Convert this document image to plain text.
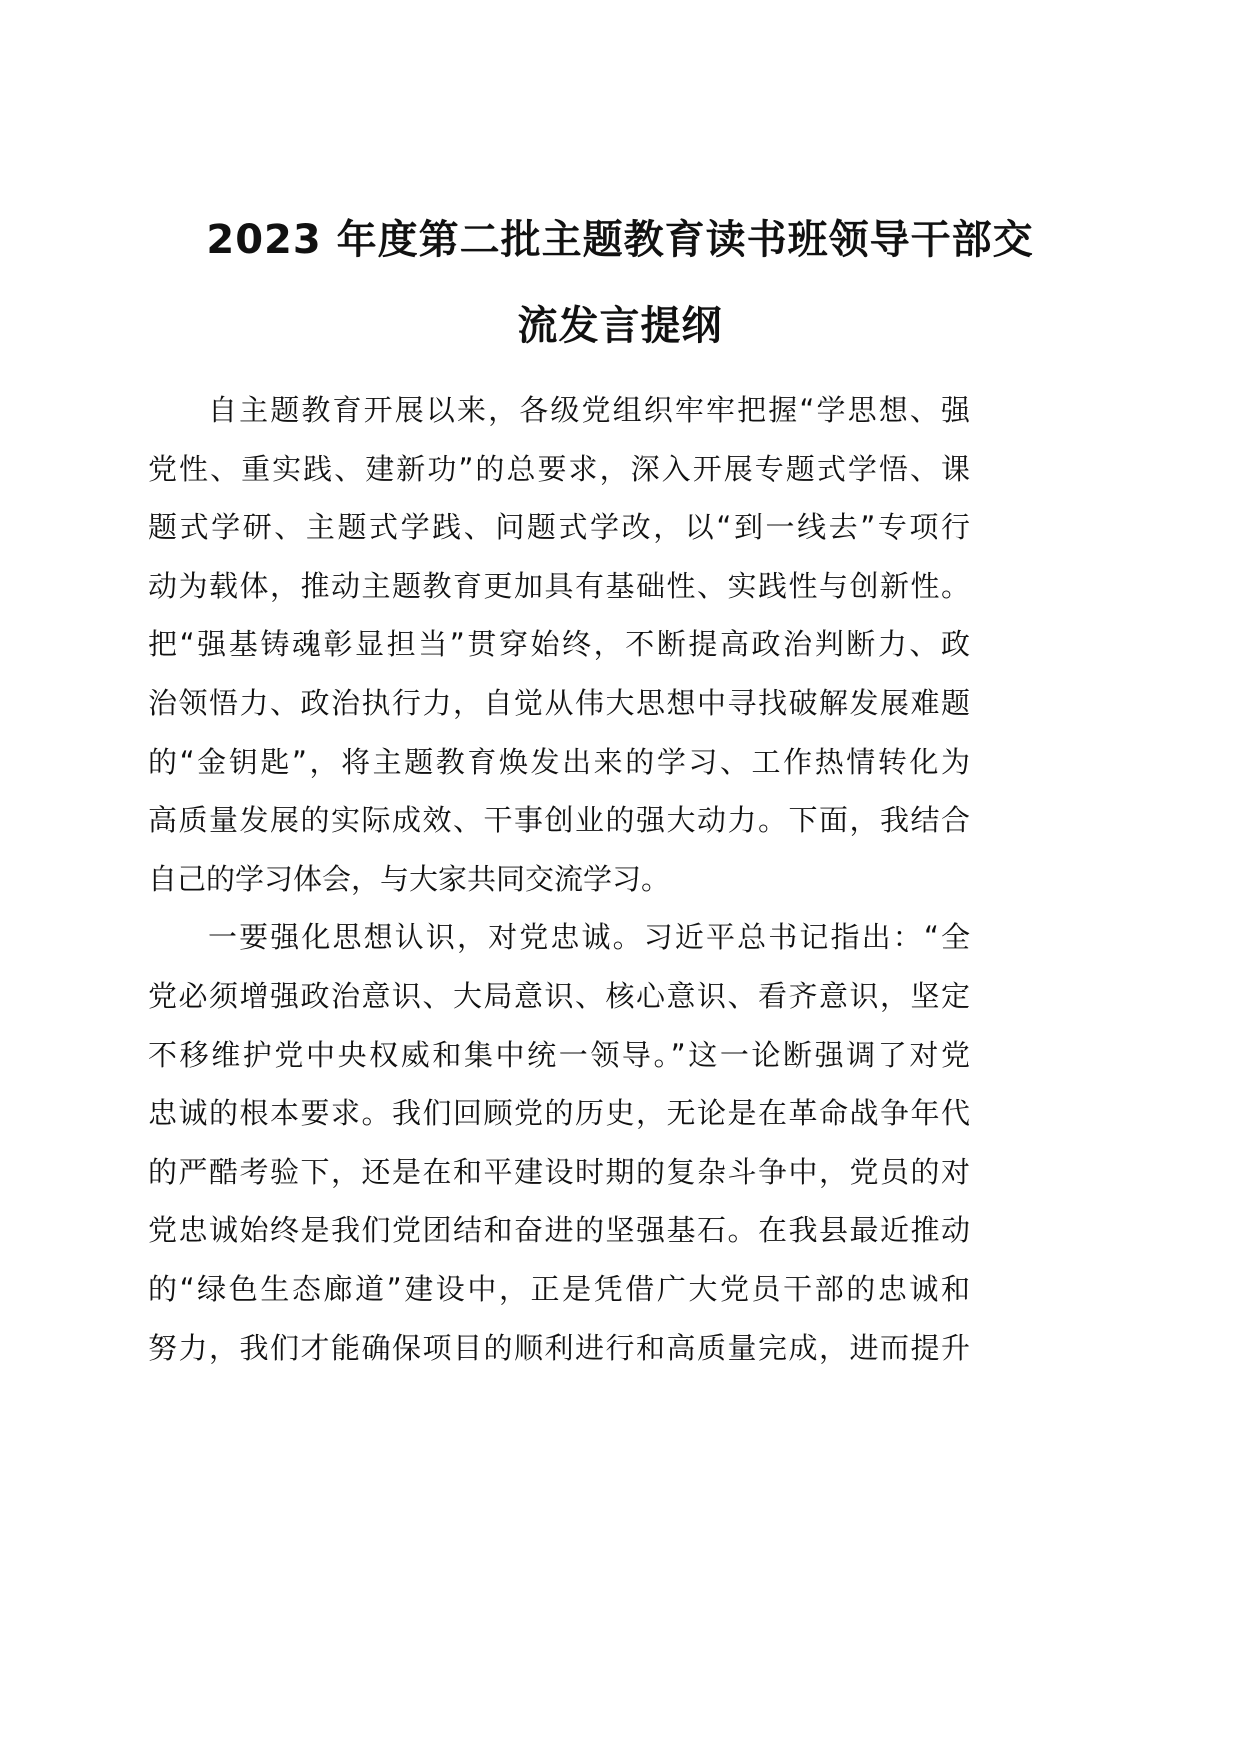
2023 年度第二批主题教育读书班领导干部交
流发言提纲
自主题教育开展以来，各级党组织牢牢把握“学思想、强
党性、重实践、建新功”的总要求，深入开展专题式学悟、课
题式学研、主题式学践、问题式学改，以“到一线去”专项行
动为载体，推动主题教育更加具有基础性、实践性与创新性。
把“强基铸魂彰显担当”贯穿始终，不断提高政治判断力、政
治领悟力、政治执行力，自觉从伟大思想中寻找破解发展难题
的“金钥匙”，将主题教育焕发出来的学习、工作热情转化为
高质量发展的实际成效、干事创业的强大动力。下面，我结合
自己的学习体会，与大家共同交流学习。
一要强化思想认识，对党忠诚。习近平总书记指出：“全
党必须增强政治意识、大局意识、核心意识、看齐意识，坚定
不移维护党中央权威和集中统一领导。”这一论断强调了对党
忠诚的根本要求。我们回顾党的历史，无论是在革命战争年代
的严酷考验下，还是在和平建设时期的复杂斗争中，党员的对
党忠诚始终是我们党团结和奋进的坚强基石。在我县最近推动
的“绿色生态廊道”建设中，正是凭借广大党员干部的忠诚和
努力，我们才能确保项目的顺利进行和高质量完成，进而提升
